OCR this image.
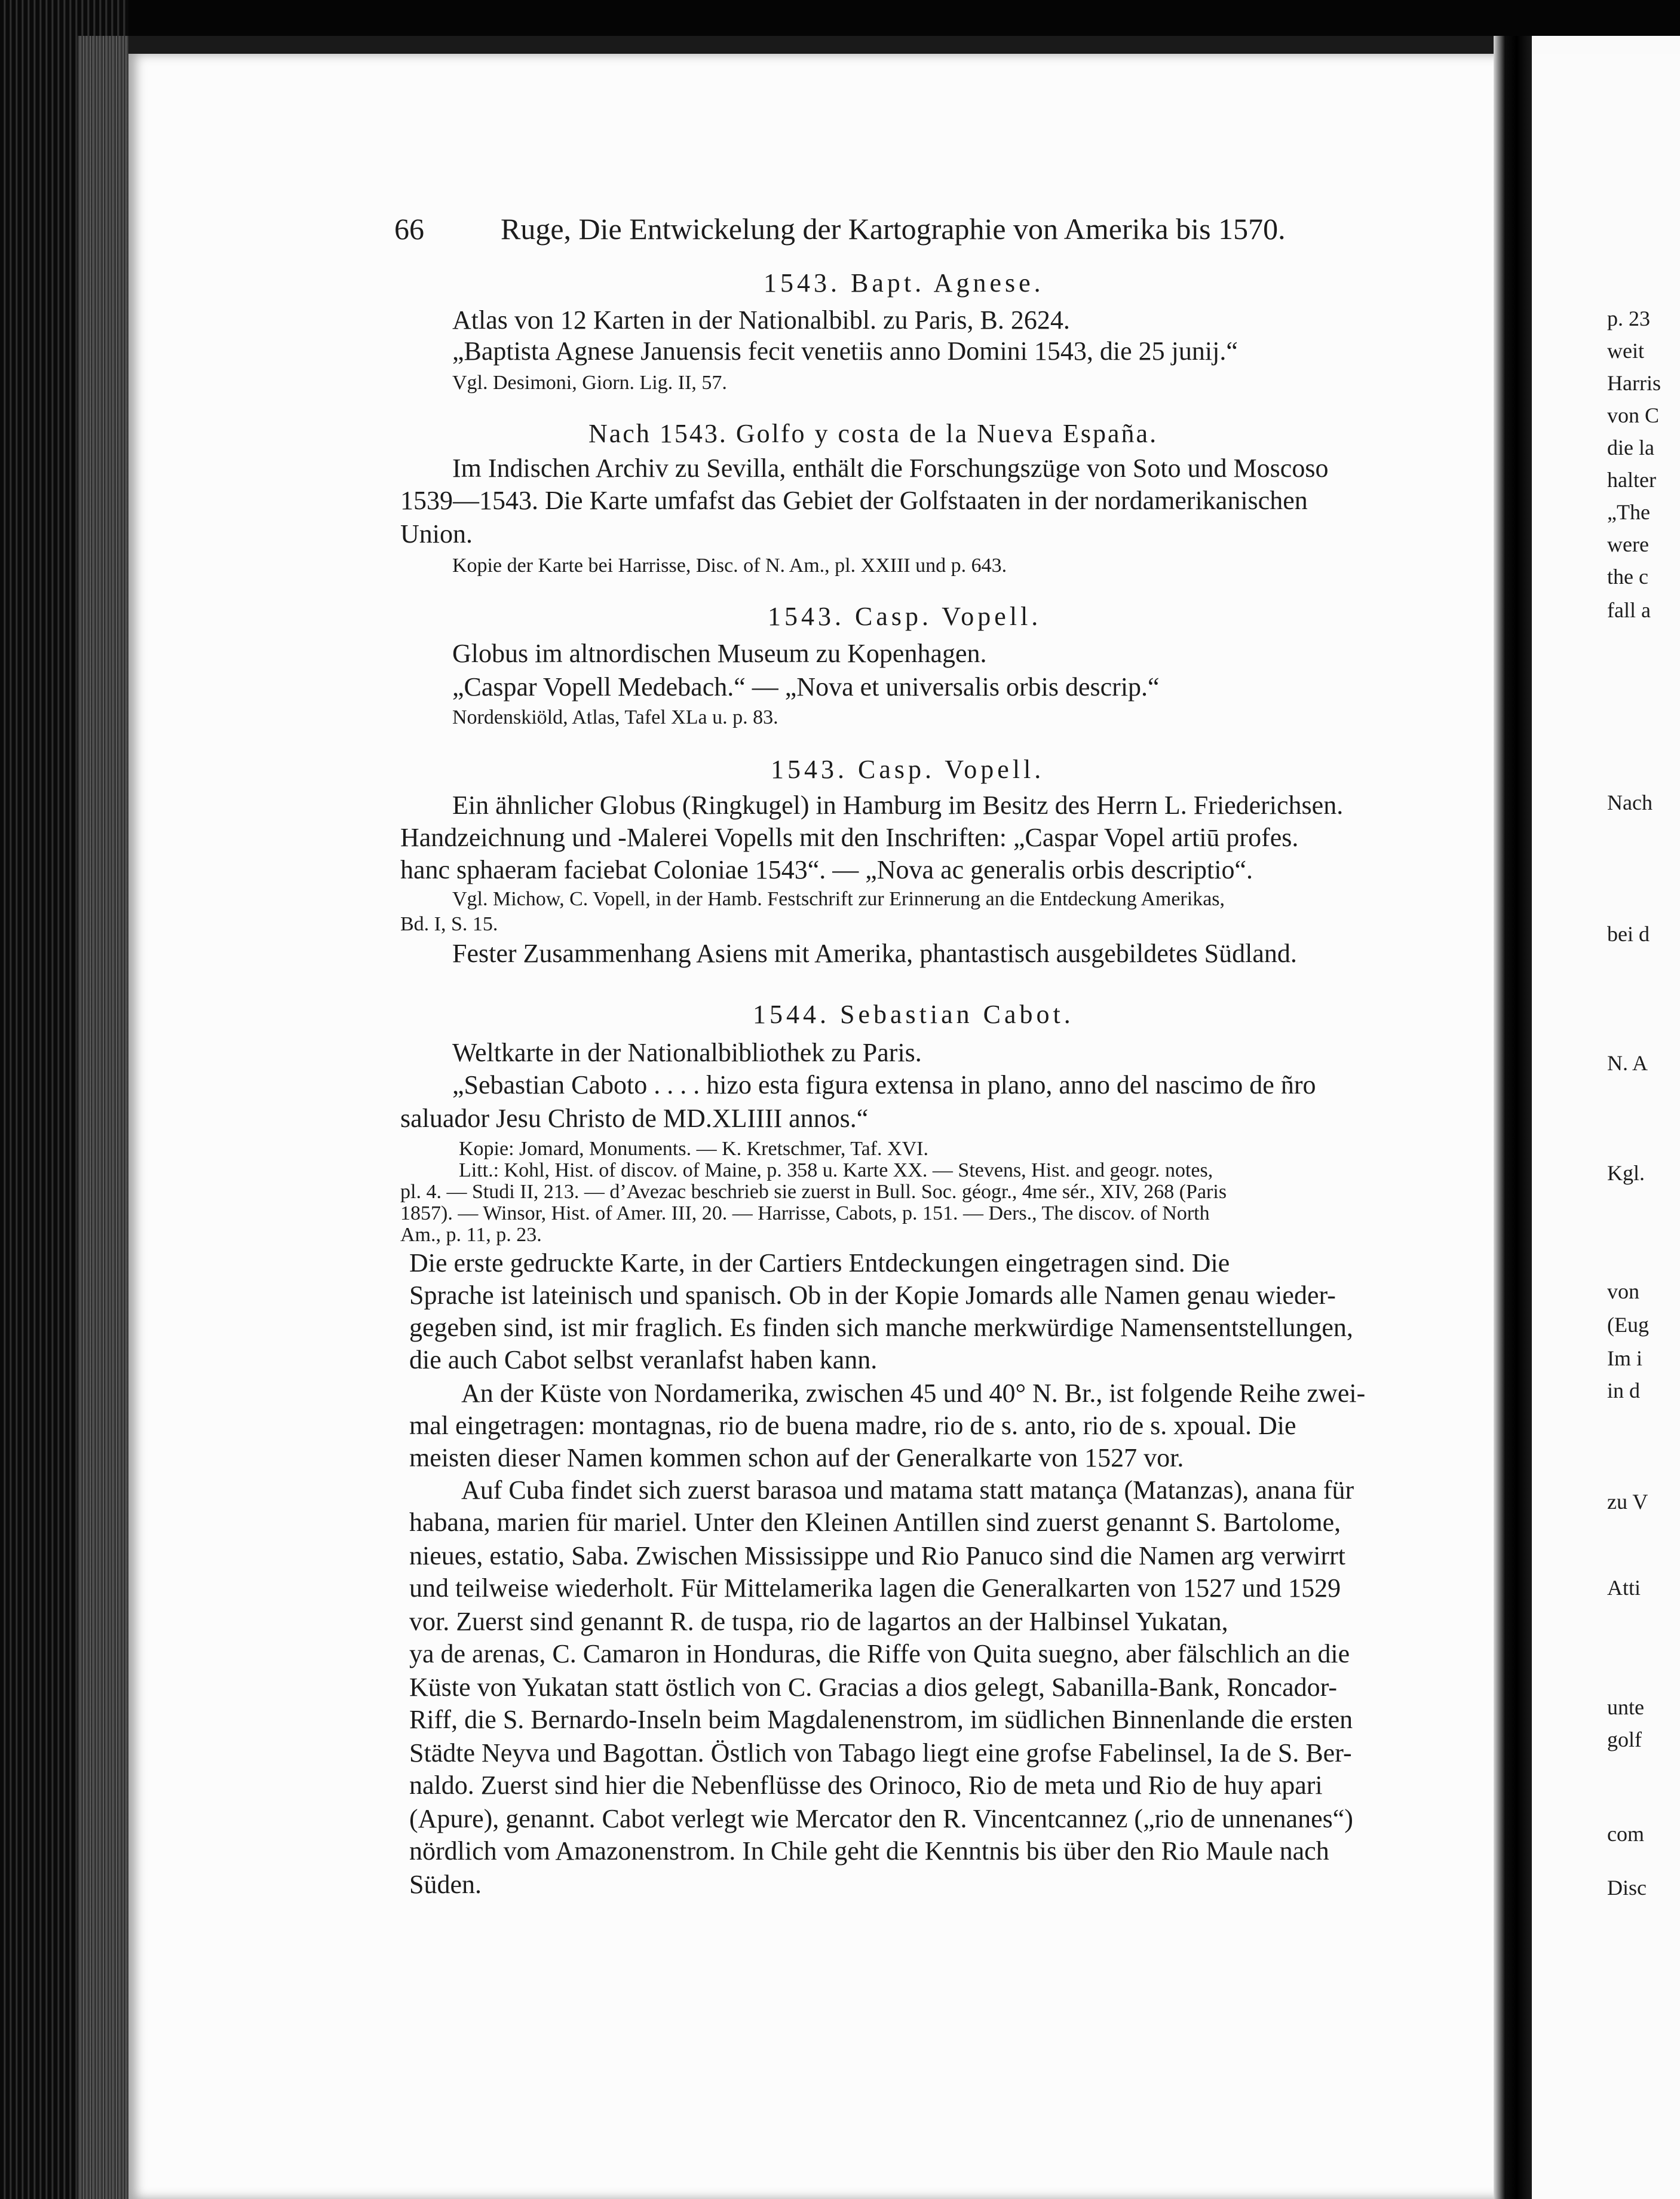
66	Ruge, Die Entwickelung der Kartographie von Amerika bis 1570.
1543. Bapt. Agnese.
Atlas von 12 Karten in der Nationalbibl. zu Paris, B. 2624.
„Baptista Agnese Januensis fecit venetiis anno Domini 1543, die 25 junij.“
Vgl. Desimoni, Giorn. Lig. II, 57.
Nach 1543. Golfo y costa de la Nueva España.
Im Indischen Archiv zu Sevilla, enthält die Forschungszüge von Soto und Moscoso
1539—1543. Die Karte umfafst das Gebiet der Golfstaaten in der nordamerikanischen
Union.
Kopie der Karte bei Harrisse, Disc. of N. Am., pl. XXIII und p. 643.
1543. Casp. Vopell.
Globus im altnordischen Museum zu Kopenhagen.
„Caspar Vopell Medebach.“ — „Nova et universalis orbis descrip.“
Nordenskiöld, Atlas, Tafel XLa u. p. 83.
1543. Casp. Vopell.
Ein ähnlicher Globus (Ringkugel) in Hamburg im Besitz des Herrn L. Friederichsen.
Handzeichnung und -Malerei Vopells mit den Inschriften: „Caspar Vopel artiū profes.
hanc sphaeram faciebat Coloniae 1543“. — „Nova ac generalis orbis descriptio“.
Vgl. Michow, C. Vopell, in der Hamb. Festschrift zur Erinnerung an die Entdeckung Amerikas,
Bd. I, S. 15.
Fester Zusammenhang Asiens mit Amerika, phantastisch ausgebildetes Südland.
1544. Sebastian Cabot.
Weltkarte in der Nationalbibliothek zu Paris.
„Sebastian Caboto . . . . hizo esta figura extensa in plano, anno del nascimo de ñro
saluador Jesu Christo de MD.XLIIII annos.“
Kopie: Jomard, Monuments. — K. Kretschmer, Taf. XVI.
Litt.: Kohl, Hist. of discov. of Maine, p. 358 u. Karte XX. — Stevens, Hist. and geogr. notes,
pl. 4. — Studi II, 213. — d’Avezac beschrieb sie zuerst in Bull. Soc. géogr., 4me sér., XIV, 268 (Paris
1857). — Winsor, Hist. of Amer. III, 20. — Harrisse, Cabots, p. 151. — Ders., The discov. of North
Am., p. 11, p. 23.
Die erste gedruckte Karte, in der Cartiers Entdeckungen eingetragen sind. Die
Sprache ist lateinisch und spanisch. Ob in der Kopie Jomards alle Namen genau wieder-
gegeben sind, ist mir fraglich. Es finden sich manche merkwürdige Namensentstellungen,
die auch Cabot selbst veranlafst haben kann.
An der Küste von Nordamerika, zwischen 45 und 40° N. Br., ist folgende Reihe zwei-
mal eingetragen: montagnas, rio de buena madre, rio de s. anto, rio de s. xpoual. Die
meisten dieser Namen kommen schon auf der Generalkarte von 1527 vor.
Auf Cuba findet sich zuerst barasoa und matama statt matança (Matanzas), anana für
habana, marien für mariel. Unter den Kleinen Antillen sind zuerst genannt S. Bartolome,
nieues, estatio, Saba. Zwischen Mississippe und Rio Panuco sind die Namen arg verwirrt
und teilweise wiederholt. Für Mittelamerika lagen die Generalkarten von 1527 und 1529
vor. Zuerst sind genannt R. de tuspa, rio de lagartos an der Halbinsel Yukatan,
ya de arenas, C. Camaron in Honduras, die Riffe von Quita suegno, aber fälschlich an die
Küste von Yukatan statt östlich von C. Gracias a dios gelegt, Sabanilla-Bank, Roncador-
Riff, die S. Bernardo-Inseln beim Magdalenenstrom, im südlichen Binnenlande die ersten
Städte Neyva und Bagottan. Östlich von Tabago liegt eine grofse Fabelinsel, Ia de S. Ber-
naldo. Zuerst sind hier die Nebenflüsse des Orinoco, Rio de meta und Rio de huy apari
(Apure), genannt. Cabot verlegt wie Mercator den R. Vincentcannez („rio de unnenanes“)
nördlich vom Amazonenstrom. In Chile geht die Kenntnis bis über den Rio Maule nach
Süden.
p. 23
weit
Harris
von C
die la
halter
„The
were
the c
fall a
Nach
bei d
N. A
Kgl.
von
(Eug
Im i
in d
zu V
Atti
unte
golf
com
Disc
